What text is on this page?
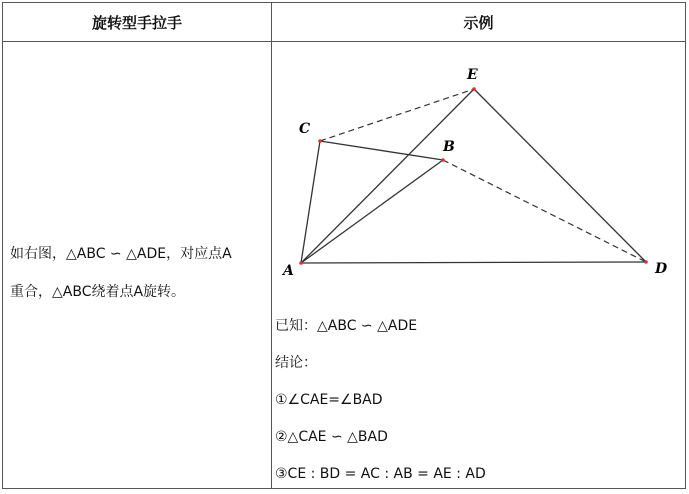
旋转型手拉手	示例
如右图，△ABC ∽ △ADE，对应点A
重合，△ABC绕着点A旋转。
A
B
C
D
E
已知：△ABC ∽ △ADE
结论：
①∠CAE=∠BAD
②△CAE ∽ △BAD
③CE : BD = AC : AB = AE : AD
